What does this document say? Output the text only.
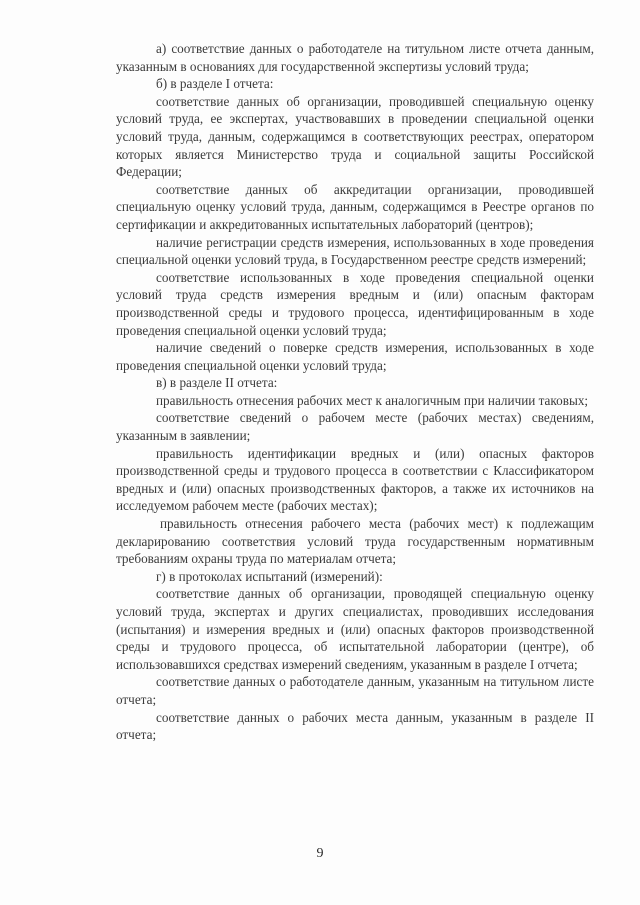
а) соответствие данных о работодателе на титульном листе отчета данным, указанным в основаниях для государственной экспертизы условий труда;

б) в разделе I отчета:

соответствие данных об организации, проводившей специальную оценку условий труда, ее экспертах, участвовавших в проведении специальной оценки условий труда, данным, содержащимся в соответствующих реестрах, оператором которых является Министерство труда и социальной защиты Российской Федерации;

соответствие данных об аккредитации организации, проводившей специальную оценку условий труда, данным, содержащимся в Реестре органов по сертификации и аккредитованных испытательных лабораторий (центров);

наличие регистрации средств измерения, использованных в ходе проведения специальной оценки условий труда, в Государственном реестре средств измерений;

соответствие использованных в ходе проведения специальной оценки условий труда средств измерения вредным и (или) опасным факторам производственной среды и трудового процесса, идентифицированным в ходе проведения специальной оценки условий труда;

наличие сведений о поверке средств измерения, использованных в ходе проведения специальной оценки условий труда;

в) в разделе II отчета:

правильность отнесения рабочих мест к аналогичным при наличии таковых;

соответствие сведений о рабочем месте (рабочих местах) сведениям, указанным в заявлении;

правильность идентификации вредных и (или) опасных факторов производственной среды и трудового процесса в соответствии с Классификатором вредных и (или) опасных производственных факторов, а также их источников на исследуемом рабочем месте (рабочих местах);

правильность отнесения рабочего места (рабочих мест) к подлежащим декларированию соответствия условий труда государственным нормативным требованиям охраны труда по материалам отчета;

г) в протоколах испытаний (измерений):

соответствие данных об организации, проводящей специальную оценку условий труда, экспертах и других специалистах, проводивших исследования (испытания) и измерения вредных и (или) опасных факторов производственной среды и трудового процесса, об испытательной лаборатории (центре), об использовавшихся средствах измерений сведениям, указанным в разделе I отчета;

соответствие данных о работодателе данным, указанным на титульном листе отчета;

соответствие данных о рабочих места данным, указанным в разделе II отчета;

9
